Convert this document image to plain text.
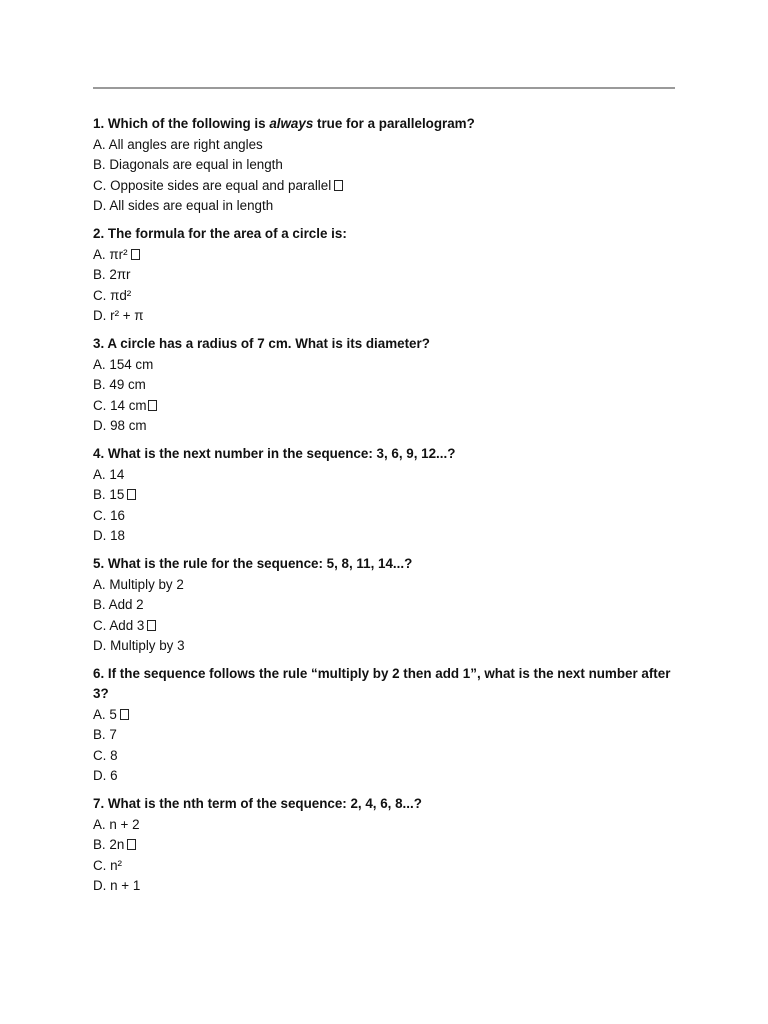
1. Which of the following is always true for a parallelogram?
A. All angles are right angles
B. Diagonals are equal in length
C. Opposite sides are equal and parallel
D. All sides are equal in length
2. The formula for the area of a circle is:
A. πr²
B. 2πr
C. πd²
D. r² + π
3. A circle has a radius of 7 cm. What is its diameter?
A. 154 cm
B. 49 cm
C. 14 cm
D. 98 cm
4. What is the next number in the sequence: 3, 6, 9, 12...?
A. 14
B. 15
C. 16
D. 18
5. What is the rule for the sequence: 5, 8, 11, 14...?
A. Multiply by 2
B. Add 2
C. Add 3
D. Multiply by 3
6. If the sequence follows the rule “multiply by 2 then add 1”, what is the next number after 3?
A. 5
B. 7
C. 8
D. 6
7. What is the nth term of the sequence: 2, 4, 6, 8...?
A. n + 2
B. 2n
C. n²
D. n + 1
